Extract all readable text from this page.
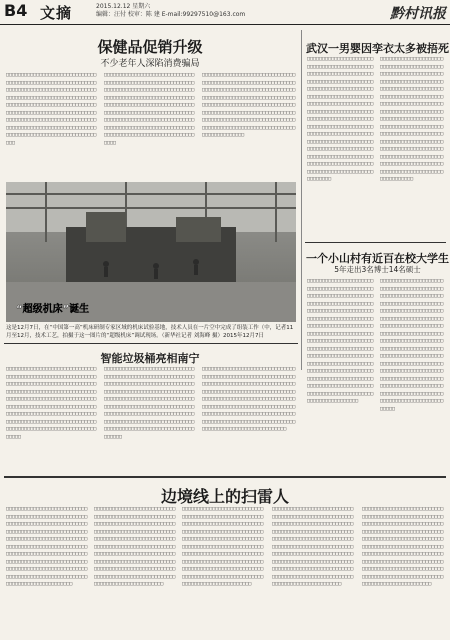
B4 文摘	2015.12.12 星期六
编辑：汪付 校审：陈 建 E-mail:99297510@163.com	黔村讯报
保健品促销升级
不少老年人深陷消费骗局
□□□□□□□□□□□□□□□□□□□□□□□□□□□□□□□□□□□□□□□□□□□□□□□□□□□□□□□□□□□□□□□□□□□□□□□□□□□□□□□□□□□□□□□□□□□□□□□□□□□□□□□□□□□□□□□□□□□□□□□□□□□□□□□□□□□□□□□□□□□□□□□□□□□□□□□□□□□□□□□□□□□□□□□□□□□□□□□□□□□□□□□□□□□□□□□□□□□□□□□□□□□□□□□□□□□□□□□□□□□□□□□□□□□□□□□□□□□□□□□□□□□□□□□□□□□□□□□□□□□□□□□□□□□□□□□□□
□□□□□□□□□□□□□□□□□□□□□□□□□□□□□□□□□□□□□□□□□□□□□□□□□□□□□□□□□□□□□□□□□□□□□□□□□□□□□□□□□□□□□□□□□□□□□□□□□□□□□□□□□□□□□□□□□□□□□□□□□□□□□□□□□□□□□□□□□□□□□□□□□□□□□□□□□□□□□□□□□□□□□□□□□□□□□□□□□□□□□□□□□□□□□□□□□□□□□□□□□□□□□□□□□□□□□□□□□□□□□□□□□□□□□□□□□□□□□□□□□□□□□□□□□□□□□□□□□□□□□□□□□□□□□□□□□□
□□□□□□□□□□□□□□□□□□□□□□□□□□□□□□□□□□□□□□□□□□□□□□□□□□□□□□□□□□□□□□□□□□□□□□□□□□□□□□□□□□□□□□□□□□□□□□□□□□□□□□□□□□□□□□□□□□□□□□□□□□□□□□□□□□□□□□□□□□□□□□□□□□□□□□□□□□□□□□□□□□□□□□□□□□□□□□□□□□□□□□□□□□□□□□□□□□□□□□□□□□□□□□□□□□□□□□□□□□□□□□□□□□□□□□□□□□□□□□□□□□□□□□□□□□□□□□□□□□□□□□
“超级机床”诞生
这是12月7日，在“中国第一高”机床研制专家区域的机床试验基地，技术人员在一片空中完成了组装工作（中，记者11月至12月，技术工艺，拍摄于这一图片的“超级机床”调试现场。（新华社记者 刘海峰 摄）2015年12月7日
武汉一男婴因孪衣太多被捂死
□□□□□□□□□□□□□□□□□□□□□□□□□□□□□□□□□□□□□□□□□□□□□□□□□□□□□□□□□□□□□□□□□□□□□□□□□□□□□□□□□□□□□□□□□□□□□□□□□□□□□□□□□□□□□□□□□□□□□□□□□□□□□□□□□□□□□□□□□□□□□□□□□□□□□□□□□□□□□□□□□□□□□□□□□□□□□□□□□□□□□□□□□□□□□□□□□□□□□□□□□□□□□□□□□□□□□□□□□□□□□□□□□□□□□□□□□□□□□□□□□□□□□□□□□□□□□□□□□□□□□□□□□□□□□□□□□□□□□□□□□□□□□□□□□□□□□□□□□□□□□□□□□□□□□□□□□□□□□□□□□□□□□□□□□□□□□□□□□□□□□□□□□□□□□□□□□□□□□□□□
□□□□□□□□□□□□□□□□□□□□□□□□□□□□□□□□□□□□□□□□□□□□□□□□□□□□□□□□□□□□□□□□□□□□□□□□□□□□□□□□□□□□□□□□□□□□□□□□□□□□□□□□□□□□□□□□□□□□□□□□□□□□□□□□□□□□□□□□□□□□□□□□□□□□□□□□□□□□□□□□□□□□□□□□□□□□□□□□□□□□□□□□□□□□□□□□□□□□□□□□□□□□□□□□□□□□□□□□□□□□□□□□□□□□□□□□□□□□□□□□□□□□□□□□□□□□□□□□□□□□□□□□□□□□□□□□□□□□□□□□□□□□□□□□□□□□□□□□□□□□□□□□□□□□□□□□□□□□□□□□□□□□□□□□□□□□□□□□□□□□□□□□□□□
一个小山村有近百在校大学生
5年走出3名博士14名硕士
□□□□□□□□□□□□□□□□□□□□□□□□□□□□□□□□□□□□□□□□□□□□□□□□□□□□□□□□□□□□□□□□□□□□□□□□□□□□□□□□□□□□□□□□□□□□□□□□□□□□□□□□□□□□□□□□□□□□□□□□□□□□□□□□□□□□□□□□□□□□□□□□□□□□□□□□□□□□□□□□□□□□□□□□□□□□□□□□□□□□□□□□□□□□□□□□□□□□□□□□□□□□□□□□□□□□□□□□□□□□□□□□□□□□□□□□□□□□□□□□□□□□□□□□□□□□□□□□□□□□□□□□□□□□□□□□□□□□□□□□□□□□□□□□□□□□□□□□□□□□□□□□□□□□□□□□□□□□□□□□□□□□□□□□□□□□□□□□□□□□□□□□□□□□□□□□□□□□□□□□□□□□□□□□□
□□□□□□□□□□□□□□□□□□□□□□□□□□□□□□□□□□□□□□□□□□□□□□□□□□□□□□□□□□□□□□□□□□□□□□□□□□□□□□□□□□□□□□□□□□□□□□□□□□□□□□□□□□□□□□□□□□□□□□□□□□□□□□□□□□□□□□□□□□□□□□□□□□□□□□□□□□□□□□□□□□□□□□□□□□□□□□□□□□□□□□□□□□□□□□□□□□□□□□□□□□□□□□□□□□□□□□□□□□□□□□□□□□□□□□□□□□□□□□□□□□□□□□□□□□□□□□□□□□□□□□□□□□□□□□□□□□□□□□□□□□□□□□□□□□□□□□□□□□□□□□□□□□□□□□□□□□□□□□□□□□□□□□□□□□□□□□□□□□□□□□□□□□□□□□□□□□□□□□□□□□
智能垃圾桶亮相南宁
□□□□□□□□□□□□□□□□□□□□□□□□□□□□□□□□□□□□□□□□□□□□□□□□□□□□□□□□□□□□□□□□□□□□□□□□□□□□□□□□□□□□□□□□□□□□□□□□□□□□□□□□□□□□□□□□□□□□□□□□□□□□□□□□□□□□□□□□□□□□□□□□□□□□□□□□□□□□□□□□□□□□□□□□□□□□□□□□□□□□□□□□□□□□□□□□□□□□□□□□□□□□□□□□□□□□□□□□□□□□□□□□□□□□□□□□□□□□□□□□□□□□□□□□□□□□□□□□□□□□□□□□□□□□□□□□□□□
□□□□□□□□□□□□□□□□□□□□□□□□□□□□□□□□□□□□□□□□□□□□□□□□□□□□□□□□□□□□□□□□□□□□□□□□□□□□□□□□□□□□□□□□□□□□□□□□□□□□□□□□□□□□□□□□□□□□□□□□□□□□□□□□□□□□□□□□□□□□□□□□□□□□□□□□□□□□□□□□□□□□□□□□□□□□□□□□□□□□□□□□□□□□□□□□□□□□□□□□□□□□□□□□□□□□□□□□□□□□□□□□□□□□□□□□□□□□□□□□□□□□□□□□□□□□□□□□□□□□□□□□□□□□□□□□□□□□
□□□□□□□□□□□□□□□□□□□□□□□□□□□□□□□□□□□□□□□□□□□□□□□□□□□□□□□□□□□□□□□□□□□□□□□□□□□□□□□□□□□□□□□□□□□□□□□□□□□□□□□□□□□□□□□□□□□□□□□□□□□□□□□□□□□□□□□□□□□□□□□□□□□□□□□□□□□□□□□□□□□□□□□□□□□□□□□□□□□□□□□□□□□□□□□□□□□□□□□□□□□□□□□□□□□□□□□□□□□□□□□□□□□□□□□□□□□□□□□□□□□□□□□□□□□□□□□□□□□□□□□□□□□□□□□□□□□□
边境线上的扫雷人
□□□□□□□□□□□□□□□□□□□□□□□□□□□□□□□□□□□□□□□□□□□□□□□□□□□□□□□□□□□□□□□□□□□□□□□□□□□□□□□□□□□□□□□□□□□□□□□□□□□□□□□□□□□□□□□□□□□□□□□□□□□□□□□□□□□□□□□□□□□□□□□□□□□□□□□□□□□□□□□□□□□□□□□□□□□□□□□□□□□□□□□□□□□□□□□□□□□□□□□□□□□□□□□□□□□□□□□□□□□□□□□□□□□□□□□□□□□□□□□□□□□□□□□□□□□□□□□□□□□□□□□□□□□□□□□□□□□□□□□□□□□□□□□□□□□□
□□□□□□□□□□□□□□□□□□□□□□□□□□□□□□□□□□□□□□□□□□□□□□□□□□□□□□□□□□□□□□□□□□□□□□□□□□□□□□□□□□□□□□□□□□□□□□□□□□□□□□□□□□□□□□□□□□□□□□□□□□□□□□□□□□□□□□□□□□□□□□□□□□□□□□□□□□□□□□□□□□□□□□□□□□□□□□□□□□□□□□□□□□□□□□□□□□□□□□□□□□□□□□□□□□□□□□□□□□□□□□□□□□□□□□□□□□□□□□□□□□□□□□□□□□□□□□□□□□□□□□□□□□□□□□□□□□□□□□□□□□□□□□□□□□□□□
□□□□□□□□□□□□□□□□□□□□□□□□□□□□□□□□□□□□□□□□□□□□□□□□□□□□□□□□□□□□□□□□□□□□□□□□□□□□□□□□□□□□□□□□□□□□□□□□□□□□□□□□□□□□□□□□□□□□□□□□□□□□□□□□□□□□□□□□□□□□□□□□□□□□□□□□□□□□□□□□□□□□□□□□□□□□□□□□□□□□□□□□□□□□□□□□□□□□□□□□□□□□□□□□□□□□□□□□□□□□□□□□□□□□□□□□□□□□□□□□□□□□□□□□□□□□□□□□□□□□□□□□□□□□□□□□□□□□□□□□□□□□□□□□□□□□□
□□□□□□□□□□□□□□□□□□□□□□□□□□□□□□□□□□□□□□□□□□□□□□□□□□□□□□□□□□□□□□□□□□□□□□□□□□□□□□□□□□□□□□□□□□□□□□□□□□□□□□□□□□□□□□□□□□□□□□□□□□□□□□□□□□□□□□□□□□□□□□□□□□□□□□□□□□□□□□□□□□□□□□□□□□□□□□□□□□□□□□□□□□□□□□□□□□□□□□□□□□□□□□□□□□□□□□□□□□□□□□□□□□□□□□□□□□□□□□□□□□□□□□□□□□□□□□□□□□□□□□□□□□□□□□□□□□□□□□□□□□□□□□□□□□□□□
□□□□□□□□□□□□□□□□□□□□□□□□□□□□□□□□□□□□□□□□□□□□□□□□□□□□□□□□□□□□□□□□□□□□□□□□□□□□□□□□□□□□□□□□□□□□□□□□□□□□□□□□□□□□□□□□□□□□□□□□□□□□□□□□□□□□□□□□□□□□□□□□□□□□□□□□□□□□□□□□□□□□□□□□□□□□□□□□□□□□□□□□□□□□□□□□□□□□□□□□□□□□□□□□□□□□□□□□□□□□□□□□□□□□□□□□□□□□□□□□□□□□□□□□□□□□□□□□□□□□□□□□□□□□□□□□□□□□□□□□□□□□□□□□□□□□□
